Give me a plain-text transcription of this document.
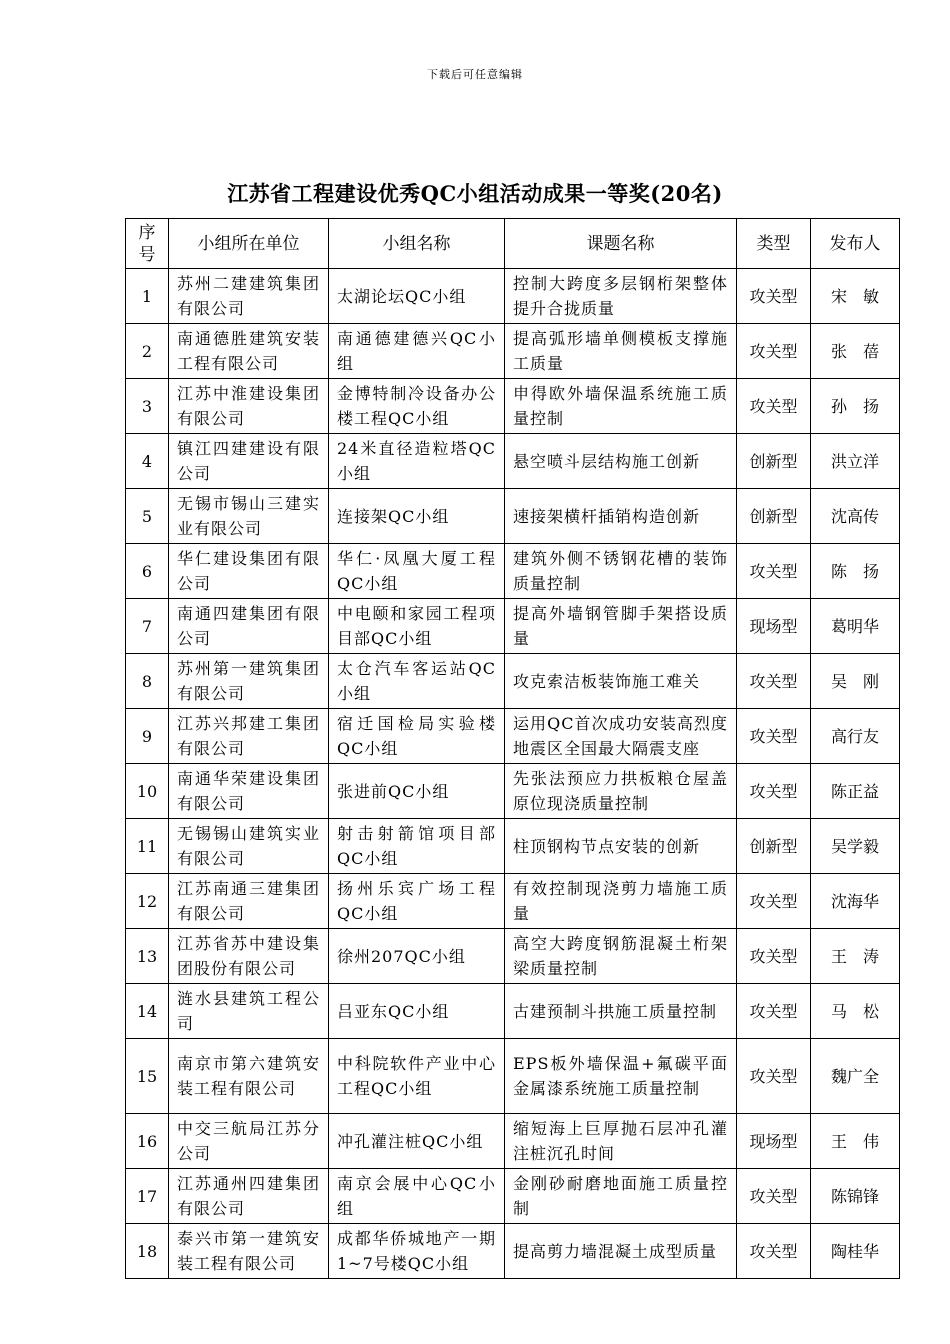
下载后可任意编辑
江苏省工程建设优秀QC小组活动成果一等奖(20名)
序号	小组所在单位	小组名称	课题名称	类型	发布人
1	苏州二建建筑集团有限公司	太湖论坛QC小组	控制大跨度多层钢桁架整体提升合拢质量	攻关型	宋　敏
2	南通德胜建筑安装工程有限公司	南通德建德兴QC小组	提高弧形墙单侧模板支撑施工质量	攻关型	张　蓓
3	江苏中淮建设集团有限公司	金博特制冷设备办公楼工程QC小组	申得欧外墙保温系统施工质量控制	攻关型	孙　扬
4	镇江四建建设有限公司	24米直径造粒塔QC小组	悬空喷斗层结构施工创新	创新型	洪立洋
5	无锡市锡山三建实业有限公司	连接架QC小组	速接架横杆插销构造创新	创新型	沈高传
6	华仁建设集团有限公司	华仁·凤凰大厦工程QC小组	建筑外侧不锈钢花槽的装饰质量控制	攻关型	陈　扬
7	南通四建集团有限公司	中电颐和家园工程项目部QC小组	提高外墙钢管脚手架搭设质量	现场型	葛明华
8	苏州第一建筑集团有限公司	太仓汽车客运站QC小组	攻克索洁板装饰施工难关	攻关型	吴　刚
9	江苏兴邦建工集团有限公司	宿迁国检局实验楼QC小组	运用QC首次成功安装高烈度地震区全国最大隔震支座	攻关型	高行友
10	南通华荣建设集团有限公司	张进前QC小组	先张法预应力拱板粮仓屋盖原位现浇质量控制	攻关型	陈正益
11	无锡锡山建筑实业有限公司	射击射箭馆项目部QC小组	柱顶钢构节点安装的创新	创新型	吴学毅
12	江苏南通三建集团有限公司	扬州乐宾广场工程QC小组	有效控制现浇剪力墙施工质量	攻关型	沈海华
13	江苏省苏中建设集团股份有限公司	徐州207QC小组	高空大跨度钢筋混凝土桁架梁质量控制	攻关型	王　涛
14	涟水县建筑工程公司	吕亚东QC小组	古建预制斗拱施工质量控制	攻关型	马　松
15	南京市第六建筑安装工程有限公司	中科院软件产业中心工程QC小组	EPS板外墙保温+氟碳平面金属漆系统施工质量控制	攻关型	魏广全
16	中交三航局江苏分公司	冲孔灌注桩QC小组	缩短海上巨厚抛石层冲孔灌注桩沉孔时间	现场型	王　伟
17	江苏通州四建集团有限公司	南京会展中心QC小组	金刚砂耐磨地面施工质量控制	攻关型	陈锦锋
18	泰兴市第一建筑安装工程有限公司	成都华侨城地产一期1~7号楼QC小组	提高剪力墙混凝土成型质量	攻关型	陶桂华
